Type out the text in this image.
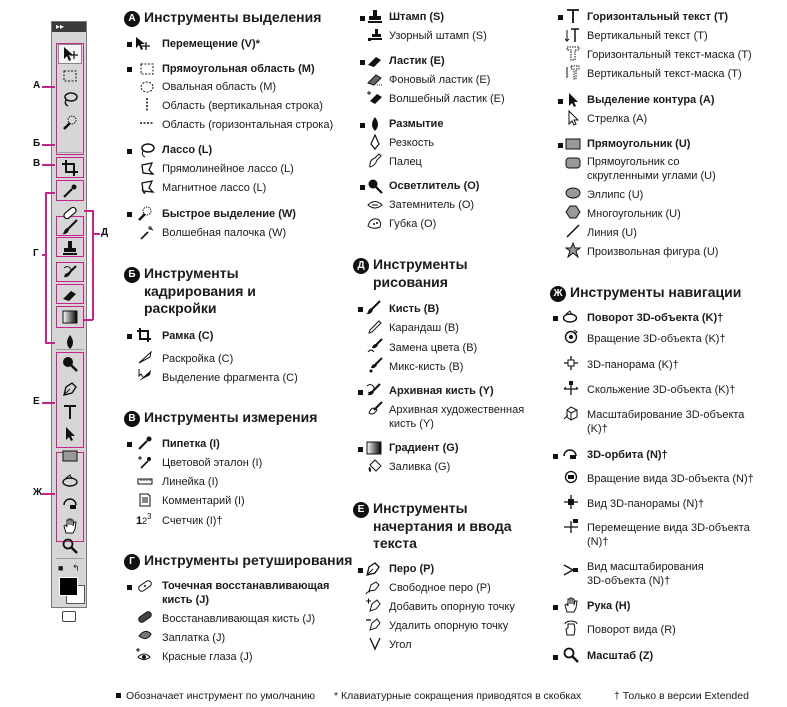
▸▸
■ ↰
А
Б
В
Г
Д
Е
Ж
А Инструменты выделения
Перемещение (V)*
Прямоугольная область (M)
Овальная область (M)
Область (вертикальная строка)
Область (горизонтальная строка)
Лассо (L)
Прямолинейное лассо (L)
Магнитное лассо (L)
Быстрое выделение (W)
Волшебная палочка (W)
Б Инструменты
кадрирования и
раскройки
Рамка (C)
Раскройка (C)
Выделение фрагмента (C)
В Инструменты измерения
Пипетка (I)
Цветовой эталон (I)
Линейка (I)
Комментарий (I)
1 2 3 Счетчик (I)†
Г Инструменты ретуширования
Точечная восстанавливающая
кисть (J)
Восстанавливающая кисть (J)
Заплатка (J)
Красные глаза (J)
Штамп (S)
Узорный штамп (S)
Ластик (E)
Фоновый ластик (E)
Волшебный ластик (E)
Размытие
Резкость
Палец
Осветлитель (O)
Затемнитель (O)
Губка (O)
Д Инструменты
рисования
Кисть (B)
Карандаш (B)
Замена цвета (B)
Микс-кисть (B)
Архивная кисть (Y)
Архивная художественная
кисть (Y)
Градиент (G)
Заливка (G)
Е Инструменты
начертания и ввода
текста
Перо (P)
Свободное перо (P)
Добавить опорную точку
Удалить опорную точку
Угол
Горизонтальный текст (T)
Вертикальный текст (T)
Горизонтальный текст-маска (T)
Вертикальный текст-маска (T)
Выделение контура (A)
Стрелка (A)
Прямоугольник (U)
Прямоугольник со
скругленными углами (U)
Эллипс (U)
Многоугольник (U)
Линия (U)
Произвольная фигура (U)
Ж Инструменты навигации
Поворот 3D-объекта (K)†
Вращение 3D-объекта (K)†
3D-панорама (K)†
Скольжение 3D-объекта (K)†
Масштабирование 3D-объекта
(K)†
3D-орбита (N)†
Вращение вида 3D-объекта (N)†
Вид 3D-панорамы (N)†
Перемещение вида 3D-объекта
(N)†
Вид масштабирования
3D-объекта (N)†
Рука (H)
Поворот вида (R)
Масштаб (Z)
Обозначает инструмент по умолчанию * Клавиатурные сокращения приводятся в скобках	† Только в версии Extended
